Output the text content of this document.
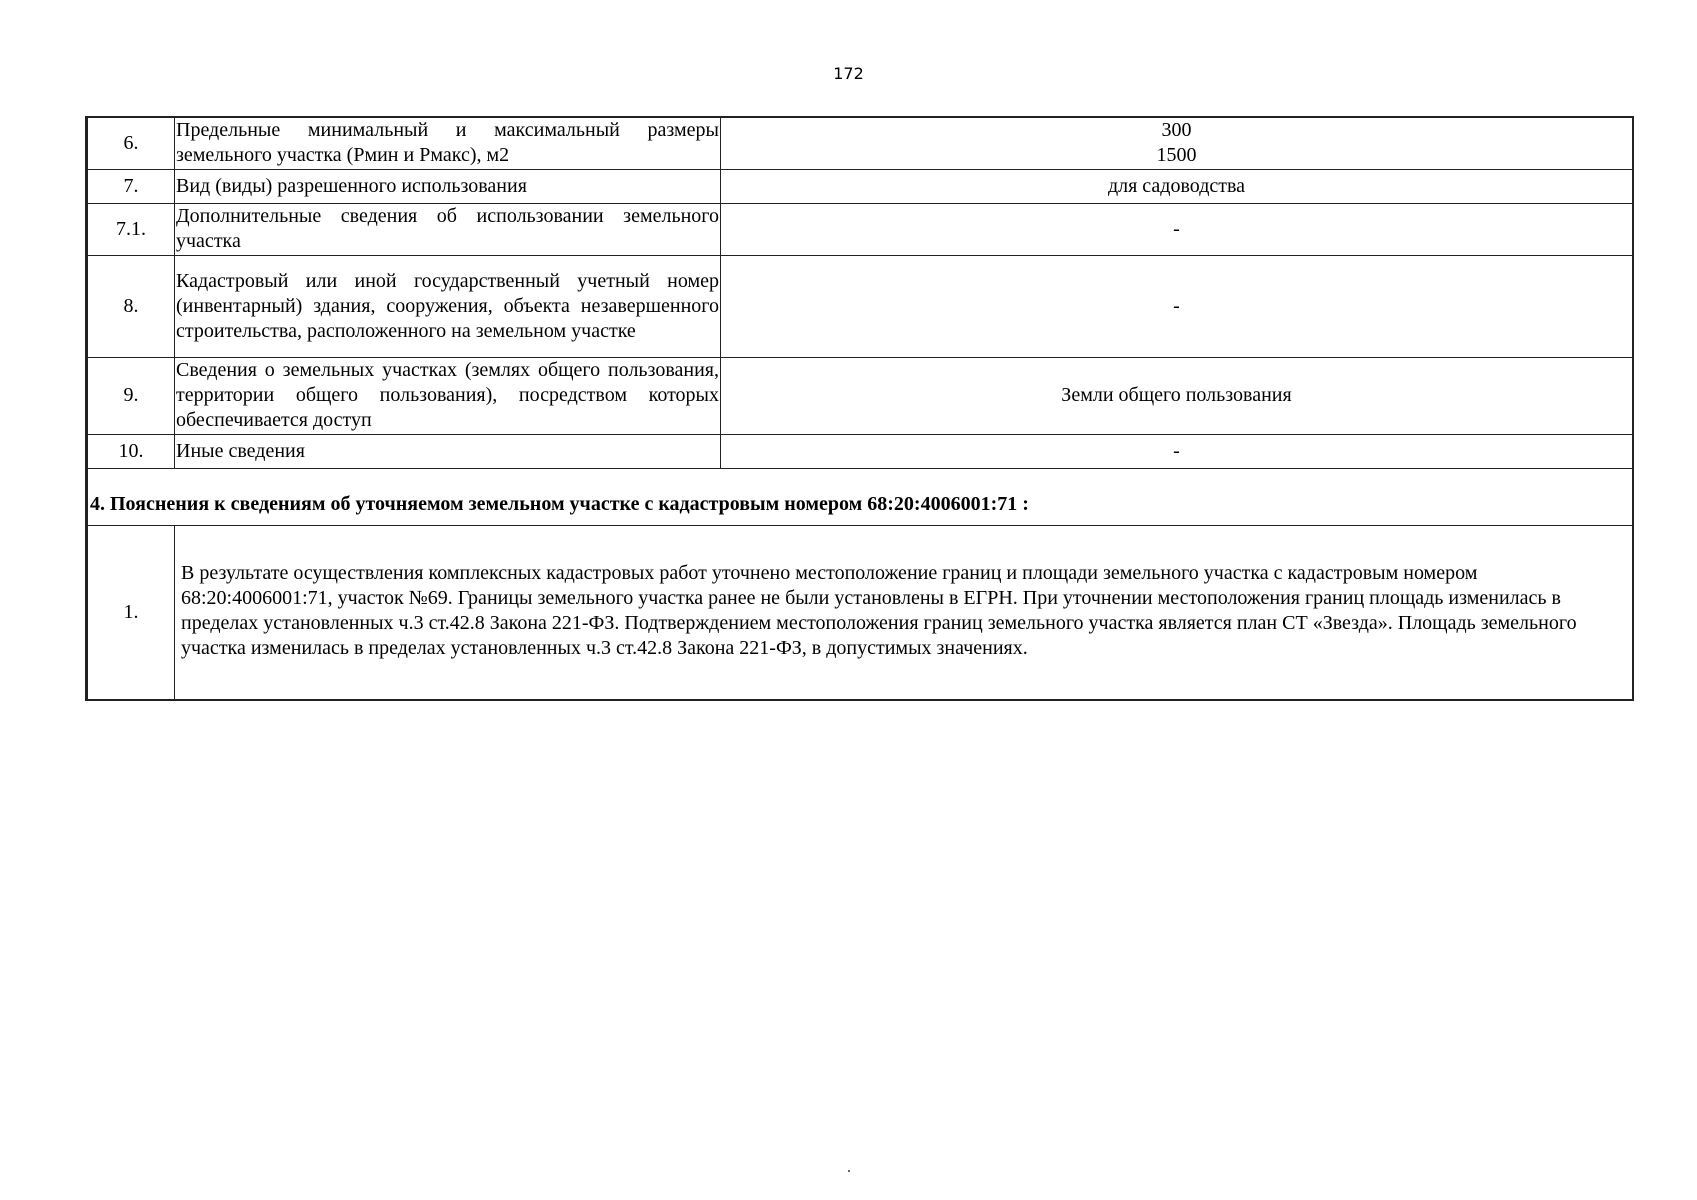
172
6.	Предельные минимальный и максимальный размеры земельного участка (Pмин и Pмакс), м2	300
1500

7.	Вид (виды) разрешенного использования	для садоводства
7.1.	Дополнительные сведения об использовании земельного участка	-
8.	Кадастровый или иной государственный учетный номер (инвентарный) здания, сооружения, объекта незавершенного строительства, расположенного на земельном участке	-
9.	Сведения о земельных участках (землях общего пользования, территории общего пользования), посредством которых обеспечивается доступ	Земли общего пользования
10.	Иные сведения	-
4. Пояснения к сведениям об уточняемом земельном участке с кадастровым номером 68:20:4006001:71 :		
1.	В результате осуществления комплексных кадастровых работ уточнено местоположение границ и площади земельного участка с кадастровым номером 68:20:4006001:71, участок №69. Границы земельного участка ранее не были установлены в ЕГРН. При уточнении местоположения границ площадь изменилась в пределах установленных ч.3 ст.42.8 Закона 221-ФЗ. Подтверждением местоположения границ земельного участка является план СТ «Звезда». Площадь земельного участка изменилась в пределах установленных ч.3 ст.42.8 Закона 221-ФЗ, в допустимых значениях.	
